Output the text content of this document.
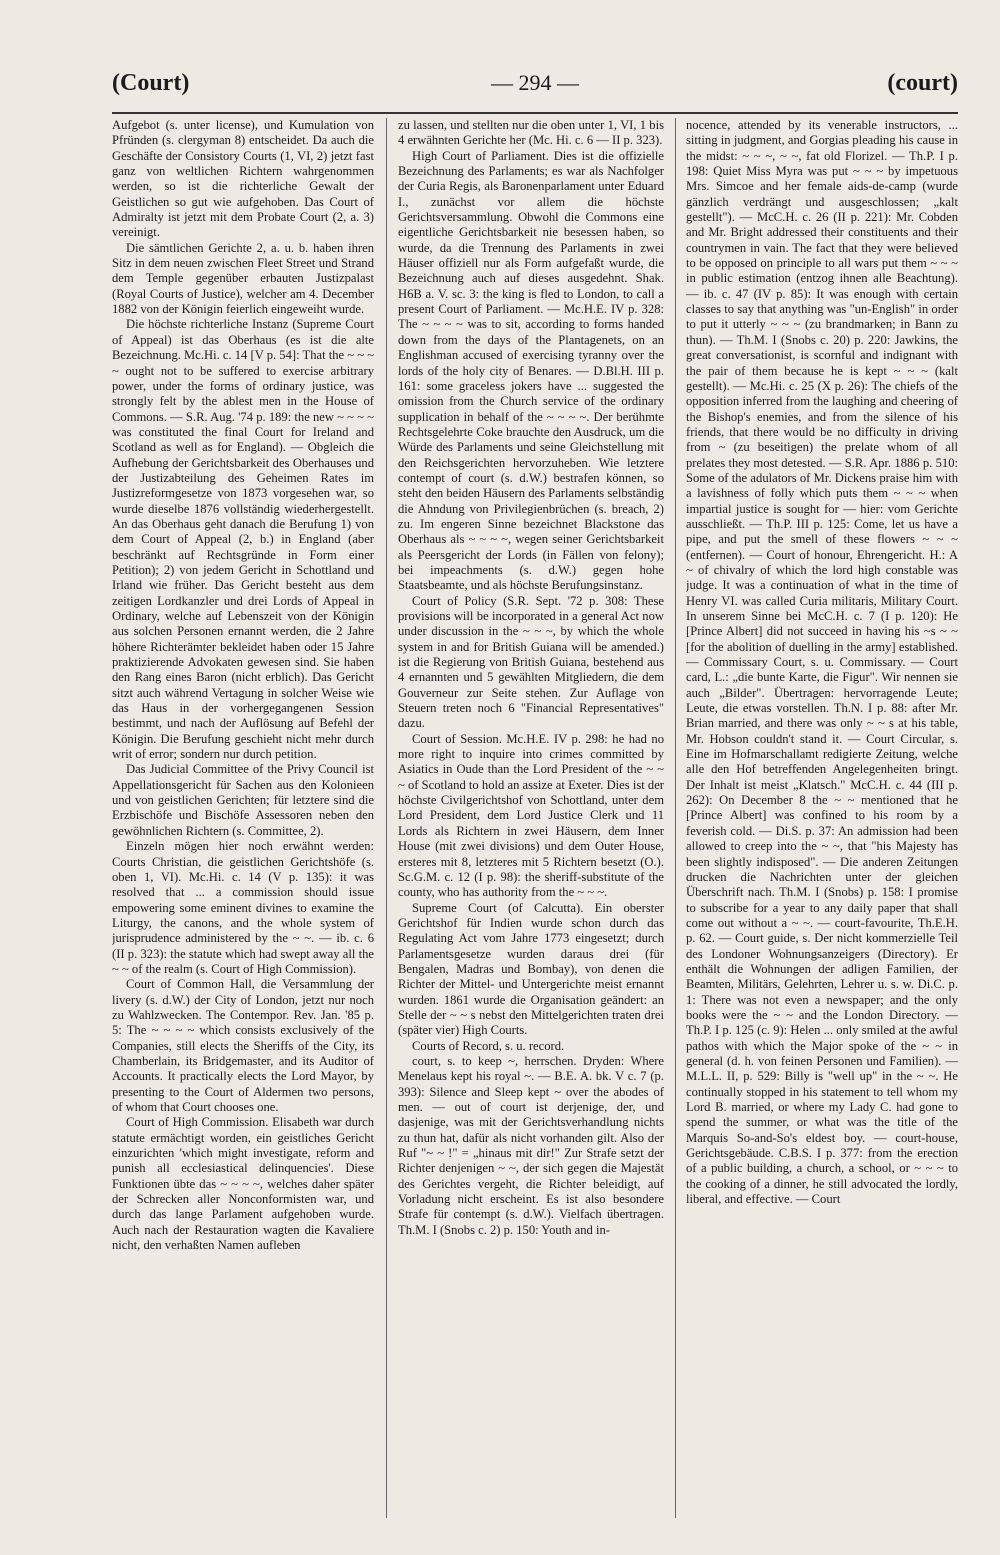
(Court)	— 294 —	(court)

Aufgebot (s. unter license), und Kumulation von Pfründen (s. clergyman 8) entscheidet. Da auch die Geschäfte der Consistory Courts (1, VI, 2) jetzt fast ganz von weltlichen Richtern wahrgenommen werden, so ist die richterliche Gewalt der Geistlichen so gut wie aufgehoben. Das Court of Admiralty ist jetzt mit dem Probate Court (2, a. 3) vereinigt.

Die sämtlichen Gerichte 2, a. u. b. haben ihren Sitz in dem neuen zwischen Fleet Street und Strand dem Temple gegenüber erbauten Justizpalast (Royal Courts of Justice), welcher am 4. December 1882 von der Königin feierlich eingeweiht wurde.

Die höchste richterliche Instanz (Supreme Court of Appeal) ist das Oberhaus (es ist die alte Bezeichnung. Mc.Hi. c. 14 [V p. 54]: That the ~ ~ ~ ~ ought not to be suffered to exercise arbitrary power, under the forms of ordinary justice, was strongly felt by the ablest men in the House of Commons. — S.R. Aug. '74 p. 189: the new ~ ~ ~ ~ was constituted the final Court for Ireland and Scotland as well as for England). — Obgleich die Aufhebung der Gerichtsbarkeit des Oberhauses und der Justizabteilung des Geheimen Rates im Justizreformgesetze von 1873 vorgesehen war, so wurde dieselbe 1876 vollständig wiederhergestellt. An das Oberhaus geht danach die Berufung 1) von dem Court of Appeal (2, b.) in England (aber beschränkt auf Rechtsgründe in Form einer Petition); 2) von jedem Gericht in Schottland und Irland wie früher. Das Gericht besteht aus dem zeitigen Lordkanzler und drei Lords of Appeal in Ordinary, welche auf Lebenszeit von der Königin aus solchen Personen ernannt werden, die 2 Jahre höhere Richterämter bekleidet haben oder 15 Jahre praktizierende Advokaten gewesen sind. Sie haben den Rang eines Baron (nicht erblich). Das Gericht sitzt auch während Vertagung in solcher Weise wie das Haus in der vorhergegangenen Session bestimmt, und nach der Auflösung auf Befehl der Königin. Die Berufung geschieht nicht mehr durch writ of error; sondern nur durch petition.

Das Judicial Committee of the Privy Council ist Appellationsgericht für Sachen aus den Kolonieen und von geistlichen Gerichten; für letztere sind die Erzbischöfe und Bischöfe Assessoren neben den gewöhnlichen Richtern (s. Committee, 2).

Einzeln mögen hier noch erwähnt werden: Courts Christian, die geistlichen Gerichtshöfe (s. oben 1, VI). Mc.Hi. c. 14 (V p. 135): it was resolved that ... a commission should issue empowering some eminent divines to examine the Liturgy, the canons, and the whole system of jurisprudence administered by the ~ ~. — ib. c. 6 (II p. 323): the statute which had swept away all the ~ ~ of the realm (s. Court of High Commission).

Court of Common Hall, die Versammlung der livery (s. d.W.) der City of London, jetzt nur noch zu Wahlzwecken. The Contempor. Rev. Jan. '85 p. 5: The ~ ~ ~ ~ which consists exclusively of the Companies, still elects the Sheriffs of the City, its Chamberlain, its Bridgemaster, and its Auditor of Accounts. It practically elects the Lord Mayor, by presenting to the Court of Aldermen two persons, of whom that Court chooses one.

Court of High Commission. Elisabeth war durch statute ermächtigt worden, ein geistliches Gericht einzurichten 'which might investigate, reform and punish all ecclesiastical delinquencies'. Diese Funktionen übte das ~ ~ ~ ~, welches daher später der Schrecken aller Nonconformisten war, und durch das lange Parlament aufgehoben wurde. Auch nach der Restauration wagten die Kavaliere nicht, den verhaßten Namen aufleben

zu lassen, und stellten nur die oben unter 1, VI, 1 bis 4 erwähnten Gerichte her (Mc. Hi. c. 6 — II p. 323).

High Court of Parliament. Dies ist die offizielle Bezeichnung des Parlaments; es war als Nachfolger der Curia Regis, als Baronenparlament unter Eduard I., zunächst vor allem die höchste Gerichtsversammlung. Obwohl die Commons eine eigentliche Gerichtsbarkeit nie besessen haben, so wurde, da die Trennung des Parlaments in zwei Häuser offiziell nur als Form aufgefaßt wurde, die Bezeichnung auch auf dieses ausgedehnt. Shak. H6B a. V. sc. 3: the king is fled to London, to call a present Court of Parliament. — Mc.H.E. IV p. 328: The ~ ~ ~ ~ was to sit, according to forms handed down from the days of the Plantagenets, on an Englishman accused of exercising tyranny over the lords of the holy city of Benares. — D.Bl.H. III p. 161: some graceless jokers have ... suggested the omission from the Church service of the ordinary supplication in behalf of the ~ ~ ~ ~. Der berühmte Rechtsgelehrte Coke brauchte den Ausdruck, um die Würde des Parlaments und seine Gleichstellung mit den Reichsgerichten hervorzuheben. Wie letztere contempt of court (s. d.W.) bestrafen können, so steht den beiden Häusern des Parlaments selbständig die Ahndung von Privilegienbrüchen (s. breach, 2) zu. Im engeren Sinne bezeichnet Blackstone das Oberhaus als ~ ~ ~ ~, wegen seiner Gerichtsbarkeit als Peersgericht der Lords (in Fällen von felony); bei impeachments (s. d.W.) gegen hohe Staatsbeamte, und als höchste Berufungsinstanz.

Court of Policy (S.R. Sept. '72 p. 308: These provisions will be incorporated in a general Act now under discussion in the ~ ~ ~, by which the whole system in and for British Guiana will be amended.) ist die Regierung von British Guiana, bestehend aus 4 ernannten und 5 gewählten Mitgliedern, die dem Gouverneur zur Seite stehen. Zur Auflage von Steuern treten noch 6 "Financial Representatives" dazu.

Court of Session. Mc.H.E. IV p. 298: he had no more right to inquire into crimes committed by Asiatics in Oude than the Lord President of the ~ ~ ~ of Scotland to hold an assize at Exeter. Dies ist der höchste Civilgerichtshof von Schottland, unter dem Lord President, dem Lord Justice Clerk und 11 Lords als Richtern in zwei Häusern, dem Inner House (mit zwei divisions) und dem Outer House, ersteres mit 8, letzteres mit 5 Richtern besetzt (O.). Sc.G.M. c. 12 (I p. 98): the sheriff-substitute of the county, who has authority from the ~ ~ ~.

Supreme Court (of Calcutta). Ein oberster Gerichtshof für Indien wurde schon durch das Regulating Act vom Jahre 1773 eingesetzt; durch Parlamentsgesetze wurden daraus drei (für Bengalen, Madras und Bombay), von denen die Richter der Mittel- und Untergerichte meist ernannt wurden. 1861 wurde die Organisation geändert: an Stelle der ~ ~ s nebst den Mittelgerichten traten drei (später vier) High Courts.

Courts of Record, s. u. record.

court, s. to keep ~, herrschen. Dryden: Where Menelaus kept his royal ~. — B.E. A. bk. V c. 7 (p. 393): Silence and Sleep kept ~ over the abodes of men. — out of court ist derjenige, der, und dasjenige, was mit der Gerichtsverhandlung nichts zu thun hat, dafür als nicht vorhanden gilt. Also der Ruf "~ ~ !" = „hinaus mit dir!" Zur Strafe setzt der Richter denjenigen ~ ~, der sich gegen die Majestät des Gerichtes vergeht, die Richter beleidigt, auf Vorladung nicht erscheint. Es ist also besondere Strafe für contempt (s. d.W.). Vielfach übertragen. Th.M. I (Snobs c. 2) p. 150: Youth and in-

nocence, attended by its venerable instructors, ... sitting in judgment, and Gorgias pleading his cause in the midst: ~ ~ ~, ~ ~, fat old Florizel. — Th.P. I p. 198: Quiet Miss Myra was put ~ ~ ~ by impetuous Mrs. Simcoe and her female aids-de-camp (wurde gänzlich verdrängt und ausgeschlossen; „kalt gestellt"). — McC.H. c. 26 (II p. 221): Mr. Cobden and Mr. Bright addressed their constituents and their countrymen in vain. The fact that they were believed to be opposed on principle to all wars put them ~ ~ ~ in public estimation (entzog ihnen alle Beachtung). — ib. c. 47 (IV p. 85): It was enough with certain classes to say that anything was "un-English" in order to put it utterly ~ ~ ~ (zu brandmarken; in Bann zu thun). — Th.M. I (Snobs c. 20) p. 220: Jawkins, the great conversationist, is scornful and indignant with the pair of them because he is kept ~ ~ ~ (kalt gestellt). — Mc.Hi. c. 25 (X p. 26): The chiefs of the opposition inferred from the laughing and cheering of the Bishop's enemies, and from the silence of his friends, that there would be no difficulty in driving from ~ (zu beseitigen) the prelate whom of all prelates they most detested. — S.R. Apr. 1886 p. 510: Some of the adulators of Mr. Dickens praise him with a lavishness of folly which puts them ~ ~ ~ when impartial justice is sought for — hier: vom Gerichte ausschließt. — Th.P. III p. 125: Come, let us have a pipe, and put the smell of these flowers ~ ~ ~ (entfernen). — Court of honour, Ehrengericht. H.: A ~ of chivalry of which the lord high constable was judge. It was a continuation of what in the time of Henry VI. was called Curia militaris, Military Court. In unserem Sinne bei McC.H. c. 7 (I p. 120): He [Prince Albert] did not succeed in having his ~s ~ ~ [for the abolition of duelling in the army] established. — Commissary Court, s. u. Commissary. — Court card, L.: „die bunte Karte, die Figur". Wir nennen sie auch „Bilder". Übertragen: hervorragende Leute; Leute, die etwas vorstellen. Th.N. I p. 88: after Mr. Brian married, and there was only ~ ~ s at his table, Mr. Hobson couldn't stand it. — Court Circular, s. Eine im Hofmarschallamt redigierte Zeitung, welche alle den Hof betreffenden Angelegenheiten bringt. Der Inhalt ist meist „Klatsch." McC.H. c. 44 (III p. 262): On December 8 the ~ ~ mentioned that he [Prince Albert] was confined to his room by a feverish cold. — Di.S. p. 37: An admission had been allowed to creep into the ~ ~, that "his Majesty has been slightly indisposed". — Die anderen Zeitungen drucken die Nachrichten unter der gleichen Überschrift nach. Th.M. I (Snobs) p. 158: I promise to subscribe for a year to any daily paper that shall come out without a ~ ~. — court-favourite, Th.E.H. p. 62. — Court guide, s. Der nicht kommerzielle Teil des Londoner Wohnungsanzeigers (Directory). Er enthält die Wohnungen der adligen Familien, der Beamten, Militärs, Gelehrten, Lehrer u. s. w. Di.C. p. 1: There was not even a newspaper; and the only books were the ~ ~ and the London Directory. — Th.P. I p. 125 (c. 9): Helen ... only smiled at the awful pathos with which the Major spoke of the ~ ~ in general (d. h. von feinen Personen und Familien). — M.L.L. II, p. 529: Billy is "well up" in the ~ ~. He continually stopped in his statement to tell whom my Lord B. married, or where my Lady C. had gone to spend the summer, or what was the title of the Marquis So-and-So's eldest boy. — court-house, Gerichtsgebäude. C.B.S. I p. 377: from the erection of a public building, a church, a school, or ~ ~ ~ to the cooking of a dinner, he still advocated the lordly, liberal, and effective. — Court
